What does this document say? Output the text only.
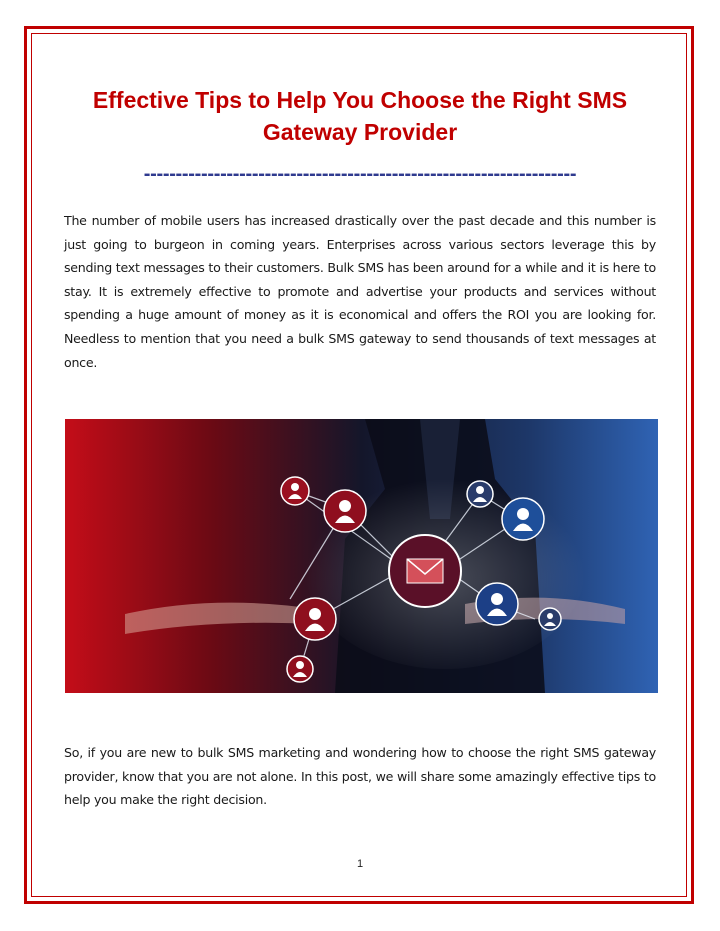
Effective Tips to Help You Choose the Right SMS Gateway Provider
--------------------------------------------------------------------

The number of mobile users has increased drastically over the past decade and this number is just going to burgeon in coming years. Enterprises across various sectors leverage this by sending text messages to their customers. Bulk SMS has been around for a while and it is here to stay. It is extremely effective to promote and advertise your products and services without spending a huge amount of money as it is economical and offers the ROI you are looking for. Needless to mention that you need a bulk SMS gateway to send thousands of text messages at once.

So, if you are new to bulk SMS marketing and wondering how to choose the right SMS gateway provider, know that you are not alone. In this post, we will share some amazingly effective tips to help you make the right decision.

1
